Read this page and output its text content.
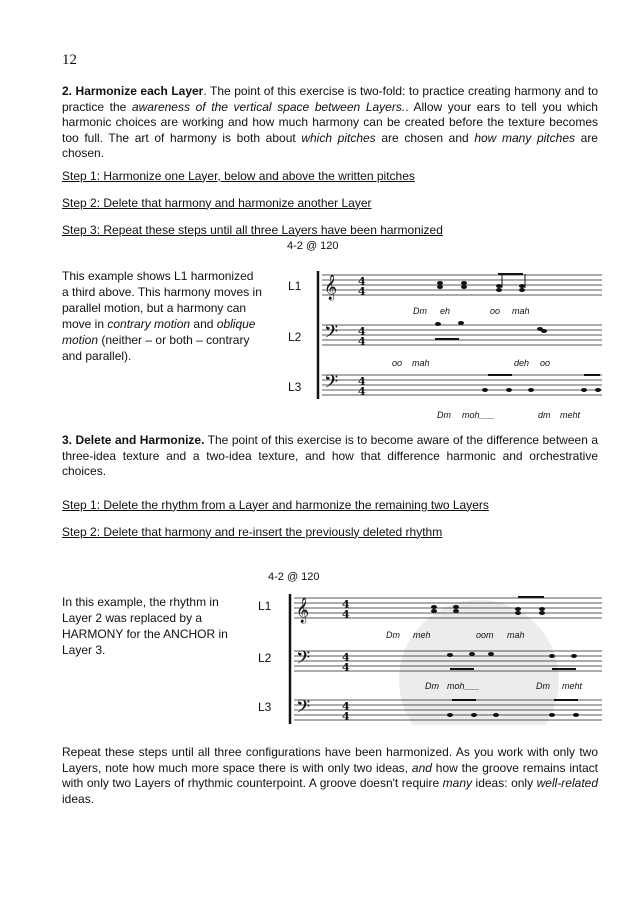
12
2. Harmonize each Layer. The point of this exercise is two-fold: to practice creating harmony and to practice the awareness of the vertical space between Layers.. Allow your ears to tell you which harmonic choices are working and how much harmony can be created before the texture becomes too full. The art of harmony is both about which pitches are chosen and how many pitches are chosen.
Step 1: Harmonize one Layer, below and above the written pitches
Step 2: Delete that harmony and harmonize another Layer
Step 3: Repeat these steps until all three Layers have been harmonized
4-2 @ 120
This example shows L1 harmonized a third above. This harmony moves in parallel motion, but a harmony can move in contrary motion and oblique motion (neither – or both – contrary and parallel).
L1
L2
L3
𝄞
𝄢
𝄢
4
4
4
4
4
4
Dm eh	oo mah
oo mah	deh oo
Dm moh___	dm meht
3. Delete and Harmonize. The point of this exercise is to become aware of the difference between a three-idea texture and a two-idea texture, and how that difference harmonic and orchestrative choices.
Step 1: Delete the rhythm from a Layer and harmonize the remaining two Layers
Step 2: Delete that harmony and re-insert the previously deleted rhythm
4-2 @ 120
In this example, the rhythm in Layer 2 was replaced by a HARMONY for the ANCHOR in Layer 3.
L1
L2
L3
𝄞
𝄢
𝄢
4
4
4
4
4
4
Dm meh	oom mah
Dm moh___	Dm meht
Repeat these steps until all three configurations have been harmonized. As you work with only two Layers, note how much more space there is with only two ideas, and how the groove remains intact with only two Layers of rhythmic counterpoint. A groove doesn't require many ideas: only well-related ideas.
